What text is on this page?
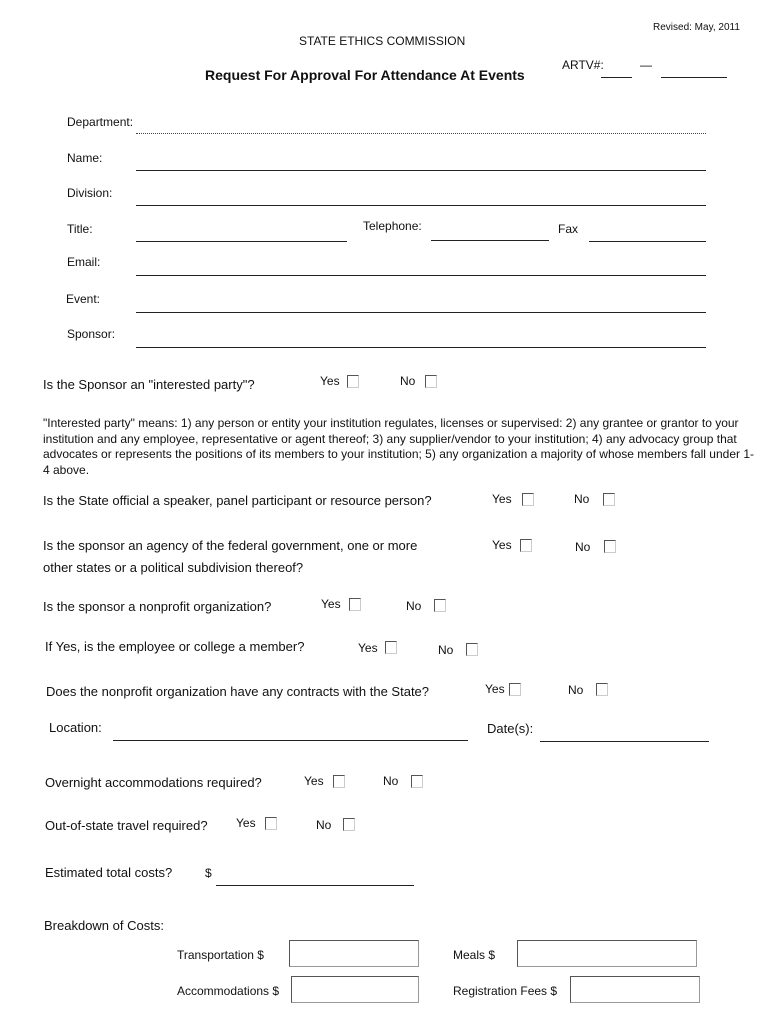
Revised: May, 2011
STATE ETHICS COMMISSION
Request For Approval For Attendance At Events
ARTV#:	—
Department:
Name:
Division:
Title:	Telephone:	Fax
Email:
Event:
Sponsor:
Is the Sponsor an "interested party"?	Yes	No
"Interested party" means: 1) any person or entity your institution regulates, licenses or supervised: 2) any grantee or grantor to your institution and any employee, representative or agent thereof; 3) any supplier/vendor to your institution; 4) any advocacy group that advocates or represents the positions of its members to your institution; 5) any organization a majority of whose members fall under 1-4 above.
Is the State official a speaker, panel participant or resource person?	Yes	No
Is the sponsor an agency of the federal government, one or more
other states or a political subdivision thereof?
Yes	No
Is the sponsor a nonprofit organization?	Yes	No
If Yes, is the employee or college a member?	Yes	No
Does the nonprofit organization have any contracts with the State?	Yes	No
Location:	Date(s):
Overnight accommodations required?	Yes	No
Out-of-state travel required? Yes	No
Estimated total costs?	$
Breakdown of Costs:
Transportation $	Meals $
Accommodations $	Registration Fees $
